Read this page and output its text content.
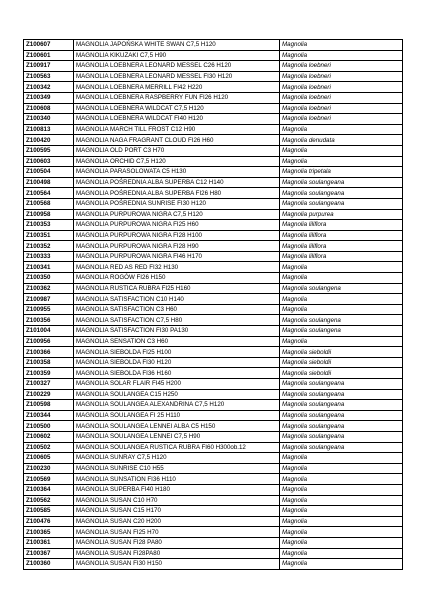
Z100607	MAGNOLIA JAPOŃSKA WHITE SWAN C7,5 H120	Magnolia
Z100601	MAGNOLIA KIKUZAKI C7,5 H90	Magnolia
Z100917	MAGNOLIA LOEBNERA LEONARD MESSEL C26 H120	Magnolia loebneri
Z100563	MAGNOLIA LOEBNERA LEONARD MESSEL FI30 H120	Magnolia loebneri
Z100342	MAGNOLIA LOEBNERA MERRILL FI42 H220	Magnolia loebneri
Z100349	MAGNOLIA LOEBNERA RASPBERRY FUN FI26 H120	Magnolia loebneri
Z100608	MAGNOLIA LOEBNERA WILDCAT C7,5 H120	Magnolia loebneri
Z100340	MAGNOLIA LOEBNERA WILDCAT FI40 H120	Magnolia loebneri
Z100813	MAGNOLIA MARCH TILL FROST C12 H90	Magnolia
Z100420	MAGNOLIA NAGA FRAGRANT CLOUD FI26 H60	Magnolia denudata
Z100595	MAGNOLIA OLD PORT C3 H70	Magnolia
Z100603	MAGNOLIA ORCHID C7,5 H120	Magnolia
Z100504	MAGNOLIA PARASOLOWATA C5 H130	Magnolia tripetala
Z100498	MAGNOLIA POŚREDNIA ALBA SUPERBA C12 H140	Magnolia soulangeana
Z100564	MAGNOLIA POŚREDNIA ALBA SUPERBA FI26 H80	Magnolia soulangeana
Z100568	MAGNOLIA POŚREDNIA SUNRISE FI30 H120	Magnolia soulangeana
Z100958	MAGNOLIA PURPUROWA NIGRA C7,5 H120	Magnolia purpurea
Z100353	MAGNOLIA PURPUROWA NIGRA FI25 H60	Magnolia liliflora
Z100351	MAGNOLIA PURPUROWA NIGRA FI28 H100	Magnolia liliflora
Z100352	MAGNOLIA PURPUROWA NIGRA FI28 H90	Magnolia liliflora
Z100333	MAGNOLIA PURPUROWA NIGRA FI46 H170	Magnolia liliflora
Z100341	MAGNOLIA RED AS RED FI32 H130	Magnolia
Z100350	MAGNOLIA ROGÓW FI26 H150	Magnolia
Z100362	MAGNOLIA RUSTICA RUBRA FI25 H160	Magnolia soulangena
Z100987	MAGNOLIA SATISFACTION C10 H140	Magnolia
Z100955	MAGNOLIA SATISFACTION C3 H60	Magnolia
Z100356	MAGNOLIA SATISFACTION C7,5 H80	Magnolia soulangena
Z101004	MAGNOLIA SATISFACTION FI30 PA130	Magnolia soulangena
Z100956	MAGNOLIA SENSATION C3 H60	Magnolia
Z100366	MAGNOLIA SIEBOLDA FI25 H100	Magnolia sieboldii
Z100358	MAGNOLIA SIEBOLDA FI30 H120	Magnolia sieboldii
Z100359	MAGNOLIA SIEBOLDA FI36 H160	Magnolia sieboldii
Z100327	MAGNOLIA SOLAR FLAIR FI45 H200	Magnolia soulangeana
Z100229	MAGNOLIA SOULANGEA C15 H250	Magnolia soulangeana
Z100598	MAGNOLIA SOULANGEA ALEXANDRINA C7,5 H120	Magnolia soulangeana
Z100344	MAGNOLIA SOULANGEA FI 25 H110	Magnolia soulangeana
Z100500	MAGNOLIA SOULANGEA LENNEI ALBA C5 H150	Magnolia soulangeana
Z100602	MAGNOLIA SOULANGEA LENNEI C7,5 H90	Magnolia soulangeana
Z100502	MAGNOLIA SOULANGEA RUSTICA RUBRA FI60 H300ob.12	Magnolia soulangeana
Z100605	MAGNOLIA SUNRAY C7,5 H120	Magnolia
Z100230	MAGNOLIA SUNRISE C10 H55	Magnolia
Z100569	MAGNOLIA SUNSATION FI36 H110	Magnolia
Z100364	MAGNOLIA SUPERBA FI40 H180	Magnolia
Z100562	MAGNOLIA SUSAN C10 H70	Magnolia
Z100585	MAGNOLIA SUSAN C15 H170	Magnolia
Z100476	MAGNOLIA SUSAN C20 H200	Magnolia
Z100365	MAGNOLIA SUSAN FI25 H70	Magnolia
Z100361	MAGNOLIA SUSAN FI28 PA80	Magnolia
Z100367	MAGNOLIA SUSAN FI28PA80	Magnolia
Z100360	MAGNOLIA SUSAN FI30 H150	Magnolia
